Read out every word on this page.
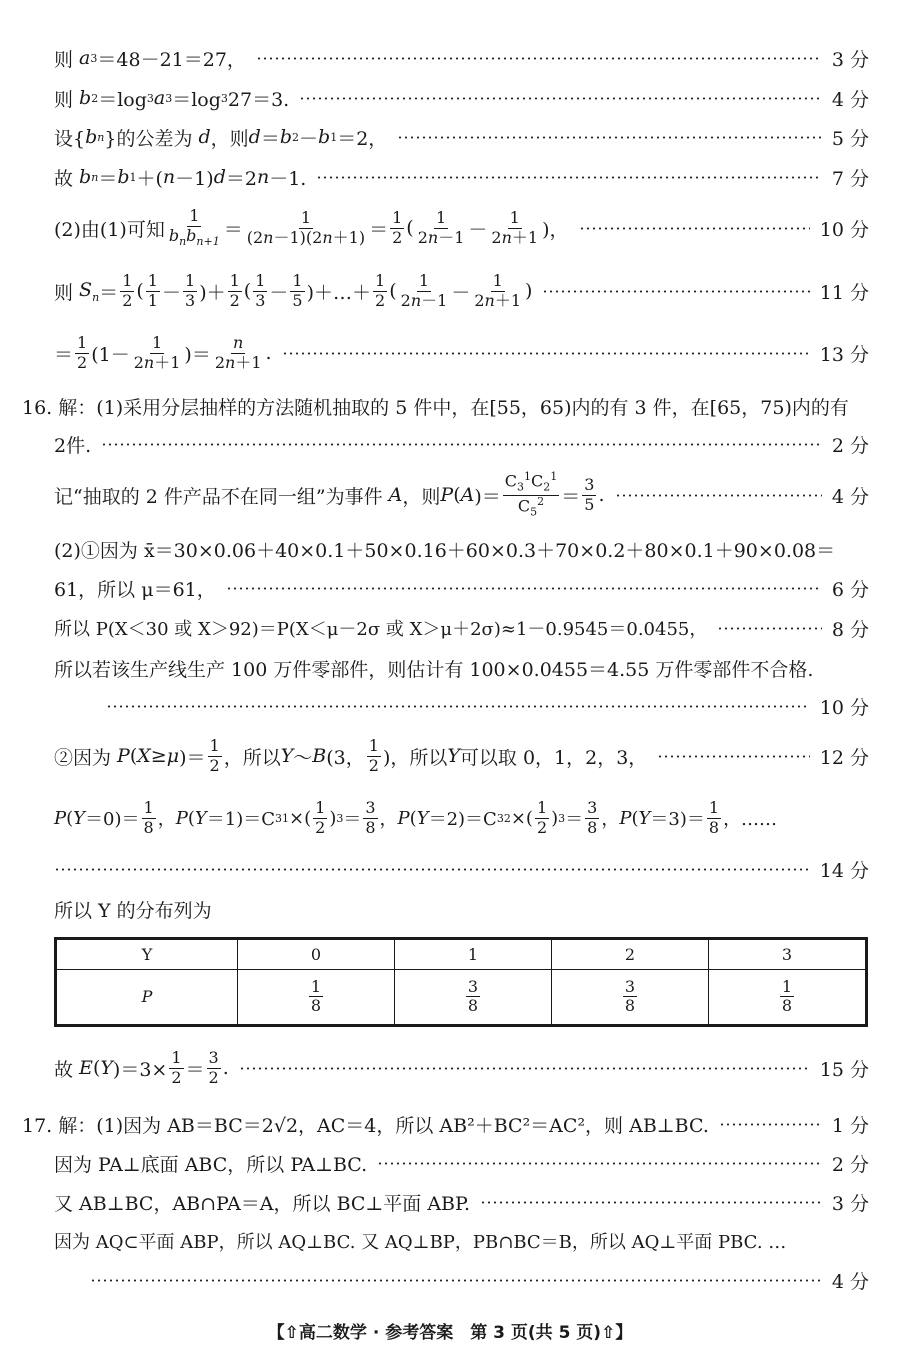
则 a 3 ＝48－21＝27，	3 分
则 b 2 ＝log 3 a 3 ＝log 3 27＝3.	4 分
设{ b n }的公差为 d ，则 d ＝ b 2 － b 1 ＝2，	5 分
故 b n ＝ b 1 ＋( n －1) d ＝2 n －1.	7 分
(2)由(1)可知 $\frac{1}{b_nb_{n+1}} = \frac{1}{(2n-1)(2n+1)} = \frac{1}{2}$ ( $\frac{1}{2n-1} - \frac{1}{2n+1}$ )，	10 分
则 $S_n = \frac{1}{2}$ ( $\frac{1}{1} - \frac{1}{3}$ )＋ $\frac{1}{2}$ ( $\frac{1}{3} - \frac{1}{5}$ )＋…＋ $\frac{1}{2}$ ( $\frac{1}{2n-1} - \frac{1}{2n+1}$ )	11 分
＝ $\frac{1}{2} (1- \frac{1}{2n+1}$ )＝ $\frac{n}{2n+1}$ .	13 分
16. 解：(1)采用分层抽样的方法随机抽取的 5 件中，在[55，65)内的有 3 件，在[65，75)内的有
2件.	2 分
记“抽取的 2 件产品不在同一组”为事件 A ，则 P ( A )＝ $\frac{C_3^1C_2^1}{C_5^2} = \frac{3}{5}$ .	4 分
(2)①因为 x̄＝30×0.06＋40×0.1＋50×0.16＋60×0.3＋70×0.2＋80×0.1＋90×0.08＝
61，所以 μ＝61，	6 分
所以 P(X＜30 或 X＞92)＝P(X＜μ－2σ 或 X＞μ＋2σ)≈1－0.9545＝0.0455，	8 分
所以若该生产线生产 100 万件零部件，则估计有 100×0.0455＝4.55 万件零部件不合格.
10 分
②因为 P ( X ≥ μ )＝ $\frac{1}{2}$ ，所以 Y ～ B (3， $\frac{1}{2}$ )，所以 Y 可以取 0，1，2，3，	12 分
P ( $Y =0)= \frac{1}{8}$ ， P ( Y ＝1)＝C 3 1 ×( $\frac{1}{2}$ ) $3 = \frac{3}{8}$ ， P ( Y ＝2)＝C 3 2 ×( $\frac{1}{2}$ ) $3 = \frac{3}{8}$ ， P ( $Y =3)= \frac{1}{8}$ ，……
14 分
所以 Y 的分布列为
Y	0	1	2	3
P	$\frac{1}{8}$	$\frac{3}{8}$	$\frac{3}{8}$	$\frac{1}{8}$
故 E ( Y )$=3\times \frac{1}{2} = \frac{3}{2}$ .	15 分
17. 解：(1)因为 AB＝BC＝2√2，AC＝4，所以 AB²＋BC²＝AC²，则 AB⊥BC.	1 分
因为 PA⊥底面 ABC，所以 PA⊥BC.	2 分
又 AB⊥BC，AB∩PA＝A，所以 BC⊥平面 ABP.	3 分
因为 AQ⊂平面 ABP，所以 AQ⊥BC. 又 AQ⊥BP，PB∩BC＝B，所以 AQ⊥平面 PBC. …
4 分
【⇧高二数学 · 参考答案　第 3 页(共 5 页)⇧】
